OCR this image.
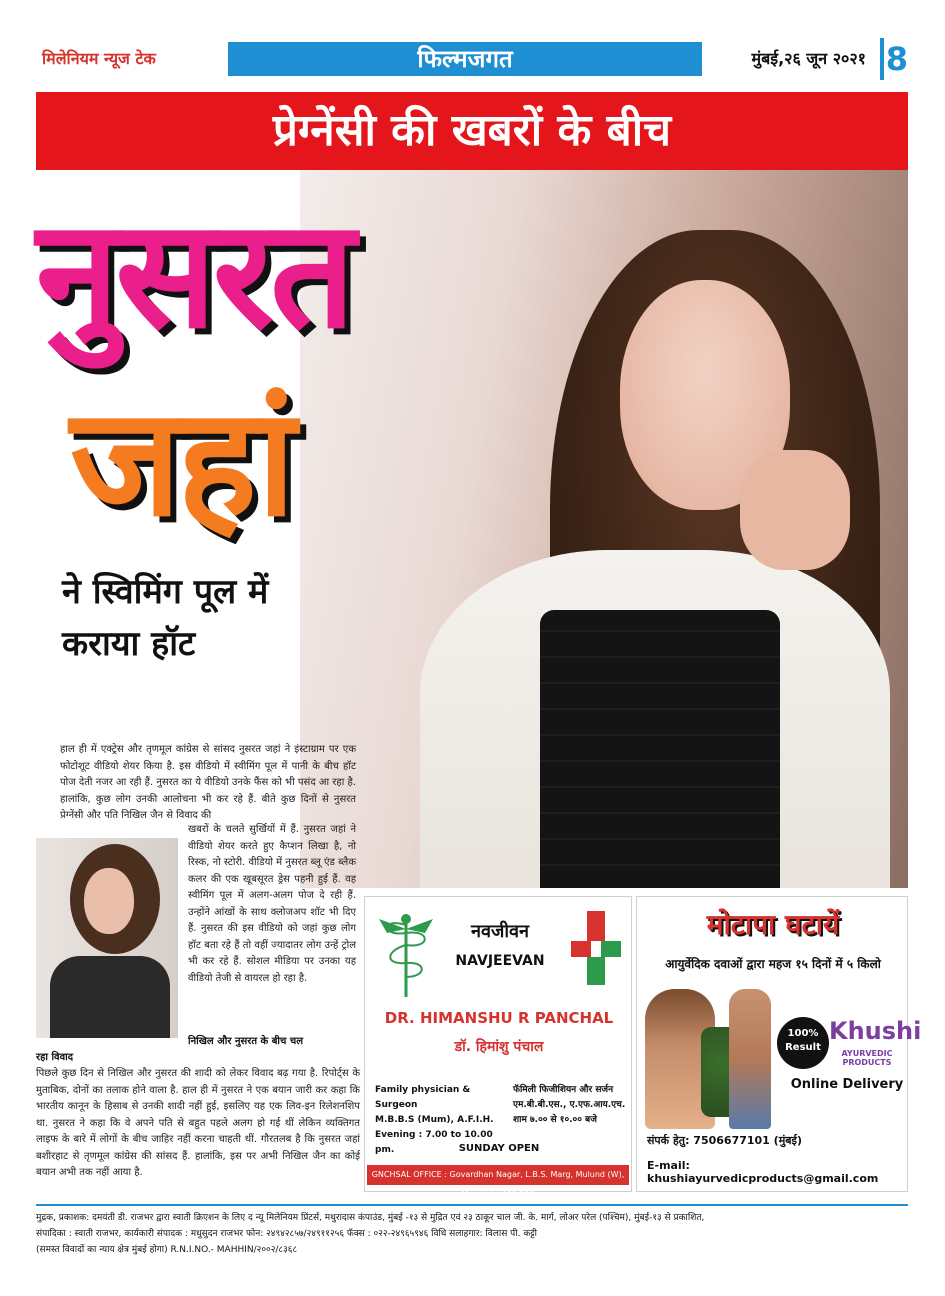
मिलेनियम न्यूज टेक	फिल्मजगत	मुंबई,२६ जून २०२१ 8
प्रेग्नेंसी की खबरों के बीच
नुसरत
जहां
ने स्विमिंग पूल में कराया हॉट
हाल ही में एक्ट्रेस और तृणमूल कांग्रेस से सांसद नुसरत जहां ने इंस्टाग्राम पर एक फोटोशूट वीडियो शेयर किया है. इस वीडियो में स्वीमिंग पूल में पानी के बीच हॉट पोज देती नजर आ रही हैं. नुसरत का ये वीडियो उनके फैंस को भी पसंद आ रहा है. हालांकि, कुछ लोग उनकी आलोचना भी कर रहे हैं. बीते कुछ दिनों से नुसरत प्रेग्नेंसी और पति निखिल जैन से विवाद की
खबरों के चलते सुर्खियों में हैं. नुसरत जहां ने वीडियो शेयर करते हुए कैप्शन लिखा है, नो रिस्क, नो स्टोरी. वीडियो में नुसरत ब्लू एंड ब्लैक कलर की एक खूबसूरत ड्रेस पहनी हुई हैं. वह स्वीमिंग पूल में अलग-अलग पोज दे रही हैं. उन्होंने आंखों के साथ क्लोजअप शॉट भी दिए हैं. नुसरत की इस वीडियो को जहां कुछ लोग हॉट बता रहे हैं तो वहीं ज्यादातर लोग उन्हें ट्रोल भी कर रहे हैं. सोशल मीडिया पर उनका यह वीडियो तेजी से वायरल हो रहा है.
निखिल और नुसरत के बीच चल
रहा विवाद
पिछले कुछ दिन से निखिल और नुसरत की शादी को लेकर विवाद बढ़ गया है. रिपोर्ट्स के मुताबिक, दोनों का तलाक होने वाला है. हाल ही में नुसरत ने एक बयान जारी कर कहा कि भारतीय कानून के हिसाब से उनकी शादी नहीं हुई, इसलिए यह एक लिव-इन रिलेशनशिप था. नुसरत ने कहा कि वे अपने पति से बहुत पहले अलग हो गई थीं लेकिन व्यक्तिगत लाइफ के बारे में लोगों के बीच जाहिर नहीं करना चाहती थीं. गौरतलब है कि नुसरत जहां बशीरहाट से तृणमूल कांग्रेस की सांसद हैं. हालांकि, इस पर अभी निखिल जैन का कोई बयान अभी तक नहीं आया है.
नवजीवन
NAVJEEVAN
DR. HIMANSHU R PANCHAL
डॉ. हिमांशु पंचाल
Family physician & Surgeon
M.B.B.S (Mum), A.F.I.H.
Evening : 7.00 to 10.00 pm.
फॅमिली फिजीशियन और सर्जन
एम.बी.बी.एस., ए.एफ.आय.एच.
शाम ७.०० से १०.०० बजे
SUNDAY OPEN
GNCHSAL OFFICE : Govardhan Nagar, L.B.S. Marg, Mulund (W), Mumbai - 400 080
मोटापा घटायें
आयुर्वेदिक दवाओं द्वारा महज १५ दिनों में ५ किलो
100%
Result
Khushi
AYURVEDIC PRODUCTS
Online Delivery
संपर्क हेतु: 7506677101 (मुंबई)
E-mail: khushiayurvedicproducts@gmail.com
मुद्रक, प्रकाशक: दमयंती डी. राजभर द्वारा स्वाती क्रिएशन के लिए द न्यू मिलेनियम प्रिंटर्स, मथुरादास कंपाउंड, मुंबई -१३ से मुद्रित एवं २३ ठाकूर चाल जी. के. मार्ग, लोअर परेल (पश्चिम), मुंबई-१३ से प्रकाशित,
संपादिका : स्वाती राजभर, कार्यकारी संपादक : मधुसुदन राजभर फोन: २४९४२८५७/२४९११२५६ फॅक्स : ०२२-२४९६५९४६ विधि सलाहगार: विलास पी. कट्टी
(समस्त विवादों का न्याय क्षेत्र मुंबई होगा) R.N.I.NO.- MAHHIN/२००२/८३६८
